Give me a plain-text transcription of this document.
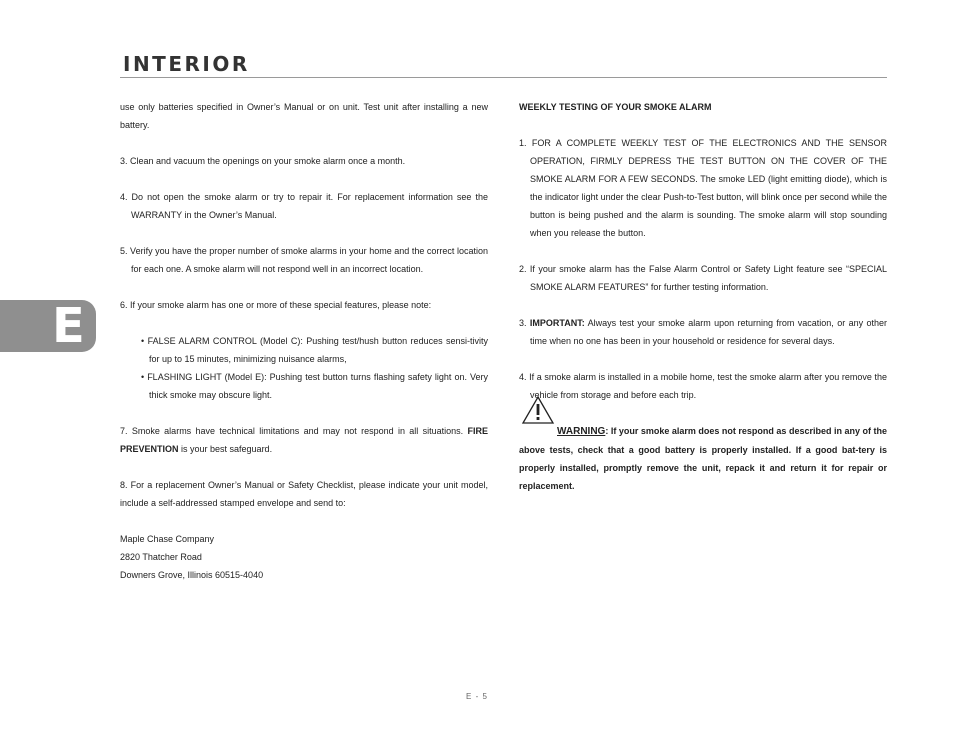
INTERIOR
E

use only batteries specified in Owner’s Manual or on unit. Test unit after installing a new battery.

3. Clean and vacuum the openings on your smoke alarm once a month.

4. Do not open the smoke alarm or try to repair it. For replacement information see the WARRANTY in the Owner’s Manual.

5. Verify you have the proper number of smoke alarms in your home and the correct location for each one. A smoke alarm will not respond well in an incorrect location.

6. If your smoke alarm has one or more of these special features, please note:

• FALSE ALARM CONTROL (Model C): Pushing test/hush button reduces sensi-tivity for up to 15 minutes, minimizing nuisance alarms,
• FLASHING LIGHT (Model E): Pushing test button turns flashing safety light on. Very thick smoke may obscure light.

7. Smoke alarms have technical limitations and may not respond in all situations. FIRE PREVENTION is your best safeguard.

8. For a replacement Owner’s Manual or Safety Checklist, please indicate your unit model, include a self-addressed stamped envelope and send to:

Maple Chase Company
2820 Thatcher Road
Downers Grove, Illinois 60515-4040

WEEKLY TESTING OF YOUR SMOKE ALARM

1. FOR A COMPLETE WEEKLY TEST OF THE ELECTRONICS AND THE SENSOR OPERATION, FIRMLY DEPRESS THE TEST BUTTON ON THE COVER OF THE SMOKE ALARM FOR A FEW SECONDS. The smoke LED (light emitting diode), which is the indicator light under the clear Push-to-Test button, will blink once per second while the button is being pushed and the alarm is sounding. The smoke alarm will stop sounding when you release the button.

2. If your smoke alarm has the False Alarm Control or Safety Light feature see “SPECIAL SMOKE ALARM FEATURES” for further testing information.

3. IMPORTANT: Always test your smoke alarm upon returning from vacation, or any other time when no one has been in your household or residence for several days.

4. If a smoke alarm is installed in a mobile home, test the smoke alarm after you remove the vehicle from storage and before each trip.

WARNING: If your smoke alarm does not respond as described in any of the above tests, check that a good battery is properly installed. If a good bat-tery is properly installed, promptly remove the unit, repack it and return it for repair or replacement.

E - 5
